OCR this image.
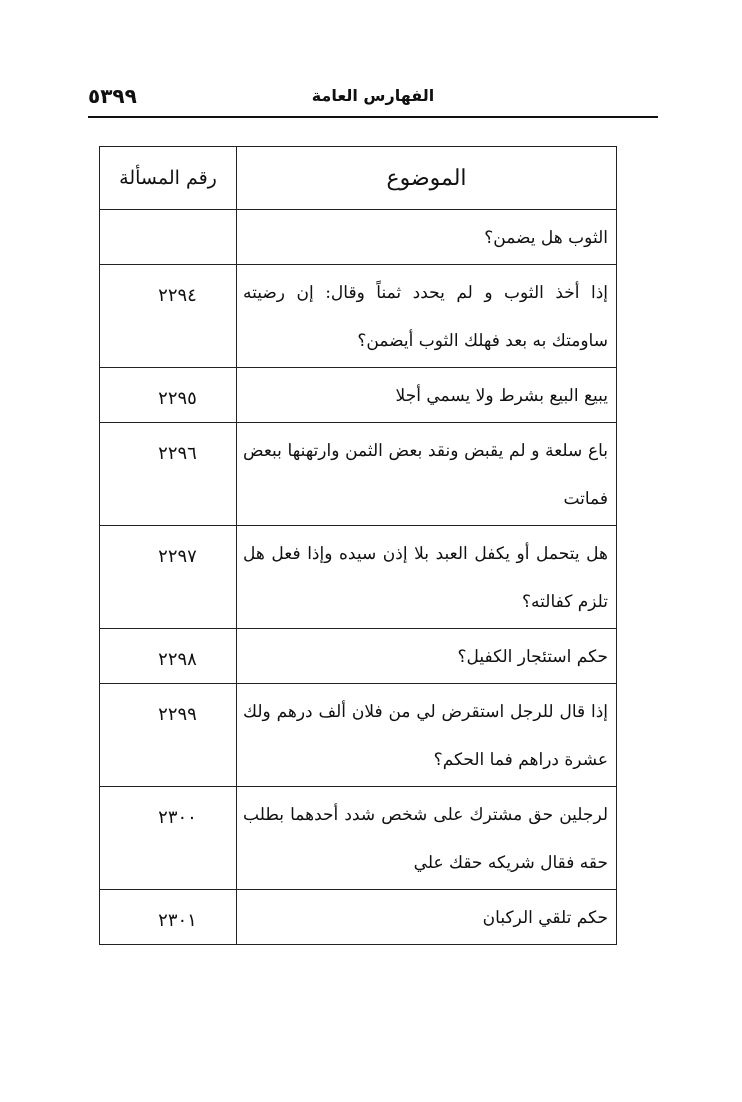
٥٣٩٩	الفهارس العامة
الموضوع	رقم المسألة
الثوب هل يضمن؟	
إذا أخذ الثوب و لم يحدد ثمناً وقال: إن رضيته ساومتك به بعد فهلك الثوب أيضمن؟	٢٢٩٤
يبيع البيع بشرط ولا يسمي أجلا	٢٢٩٥
باع سلعة و لم يقبض ونقد بعض الثمن وارتهنها ببعض فماتت	٢٢٩٦
هل يتحمل أو يكفل العبد بلا إذن سيده وإذا فعل هل تلزم كفالته؟	٢٢٩٧
حكم استئجار الكفيل؟	٢٢٩٨
إذا قال للرجل استقرض لي من فلان ألف درهم ولك عشرة دراهم فما الحكم؟	٢٢٩٩
لرجلين حق مشترك على شخص شدد أحدهما بطلب حقه فقال شريكه حقك علي	٢٣٠٠
حكم تلقي الركبان	٢٣٠١
